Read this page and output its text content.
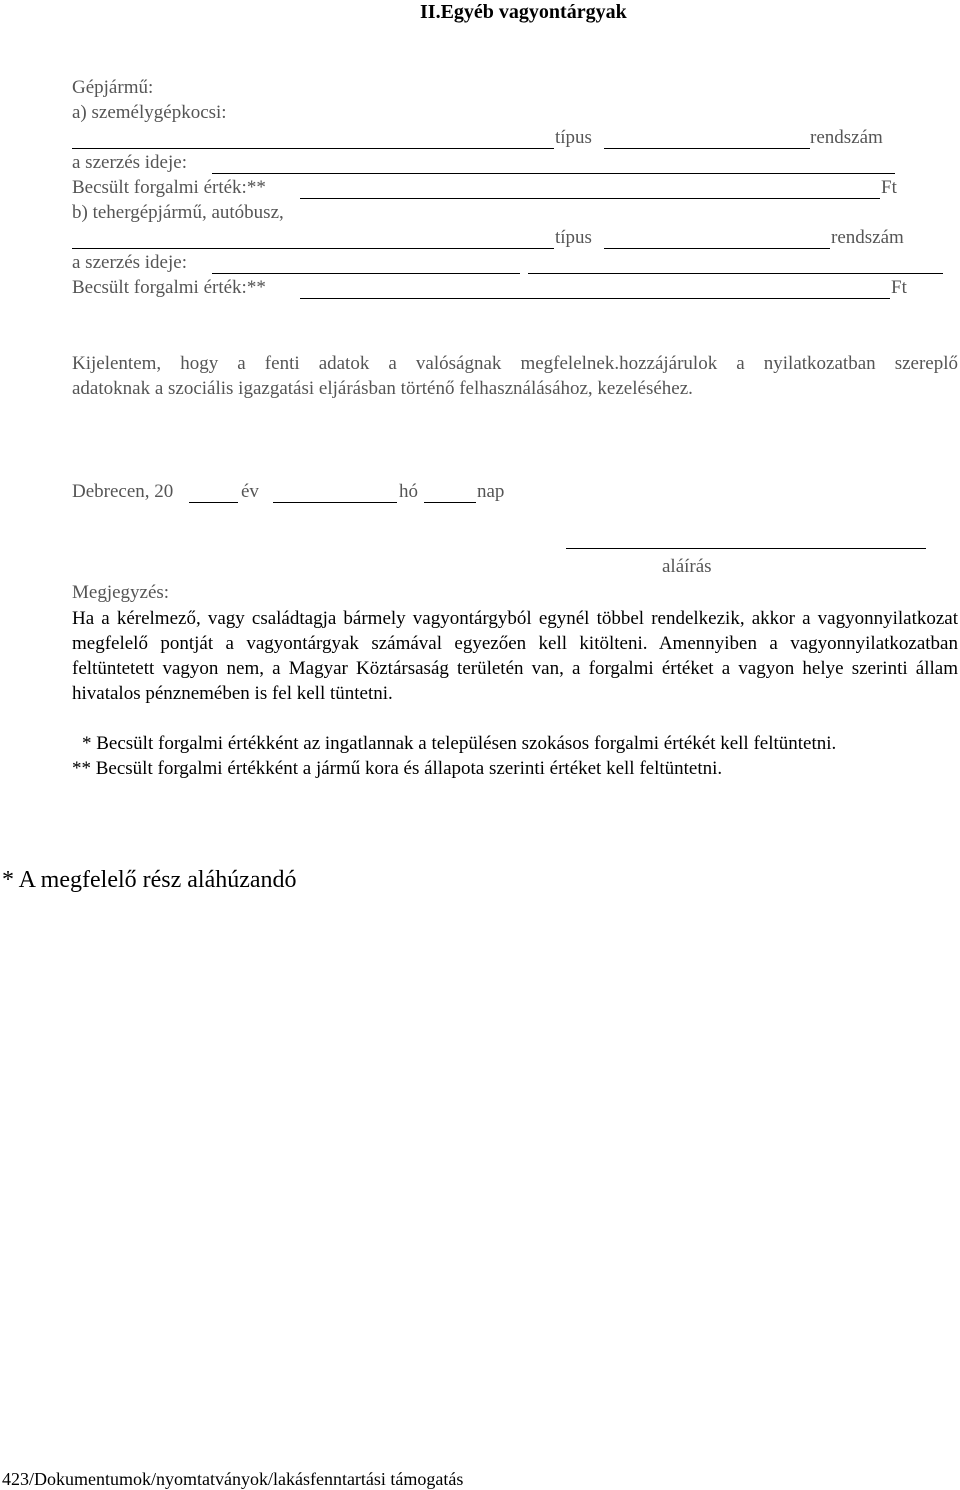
II.Egyéb vagyontárgyak
Gépjármű:
a) személygépkocsi:
típus	rendszám
a szerzés ideje:
Becsült forgalmi érték:**	Ft
b) tehergépjármű, autóbusz,
típus	rendszám
a szerzés ideje:
Becsült forgalmi érték:**	Ft
Kijelentem, hogy a fenti adatok a valóságnak megfelelnek.hozzájárulok a nyilatkozatban szereplő
adatoknak a szociális igazgatási eljárásban történő felhasználásához, kezeléséhez.
Debrecen, 20	év	hó	nap
aláírás
Megjegyzés:
Ha a kérelmező, vagy családtagja bármely vagyontárgyból egynél többel rendelkezik, akkor a vagyonnyilatkozat megfelelő pontját a vagyontárgyak számával egyezően kell kitölteni. Amennyiben a vagyonnyilatkozatban feltüntetett vagyon nem, a Magyar Köztársaság területén van, a forgalmi értéket a vagyon helye szerinti állam hivatalos pénznemében is fel kell tüntetni.
* Becsült forgalmi értékként az ingatlannak a településen szokásos forgalmi értékét kell feltüntetni.
** Becsült forgalmi értékként a jármű kora és állapota szerinti értéket kell feltüntetni.
* A megfelelő rész aláhúzandó
423/Dokumentumok/nyomtatványok/lakásfenntartási támogatás
